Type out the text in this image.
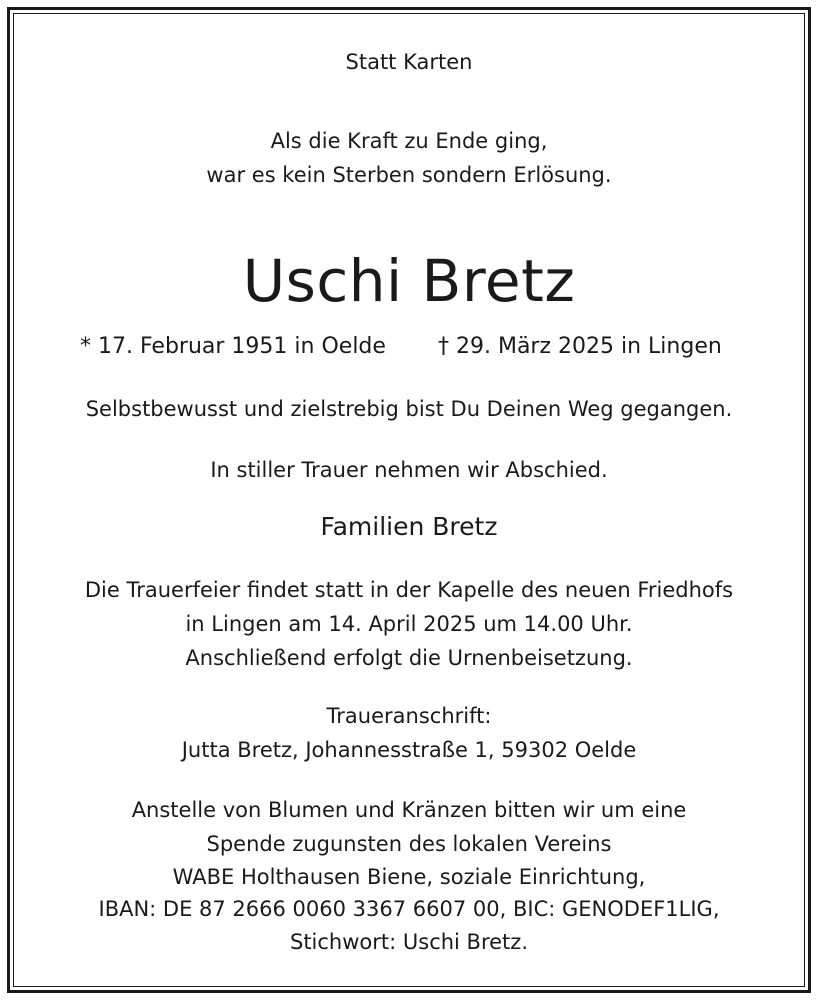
Statt Karten
Als die Kraft zu Ende ging,
war es kein Sterben sondern Erlösung.
Uschi Bretz
* 17. Februar 1951 in Oelde † 29. März 2025 in Lingen
Selbstbewusst und zielstrebig bist Du Deinen Weg gegangen.
In stiller Trauer nehmen wir Abschied.
Familien Bretz
Die Trauerfeier findet statt in der Kapelle des neuen Friedhofs
in Lingen am 14. April 2025 um 14.00 Uhr.
Anschließend erfolgt die Urnenbeisetzung.
Traueranschrift:
Jutta Bretz, Johannesstraße 1, 59302 Oelde
Anstelle von Blumen und Kränzen bitten wir um eine
Spende zugunsten des lokalen Vereins
WABE Holthausen Biene, soziale Einrichtung,
IBAN: DE 87 2666 0060 3367 6607 00, BIC: GENODEF1LIG,
Stichwort: Uschi Bretz.
